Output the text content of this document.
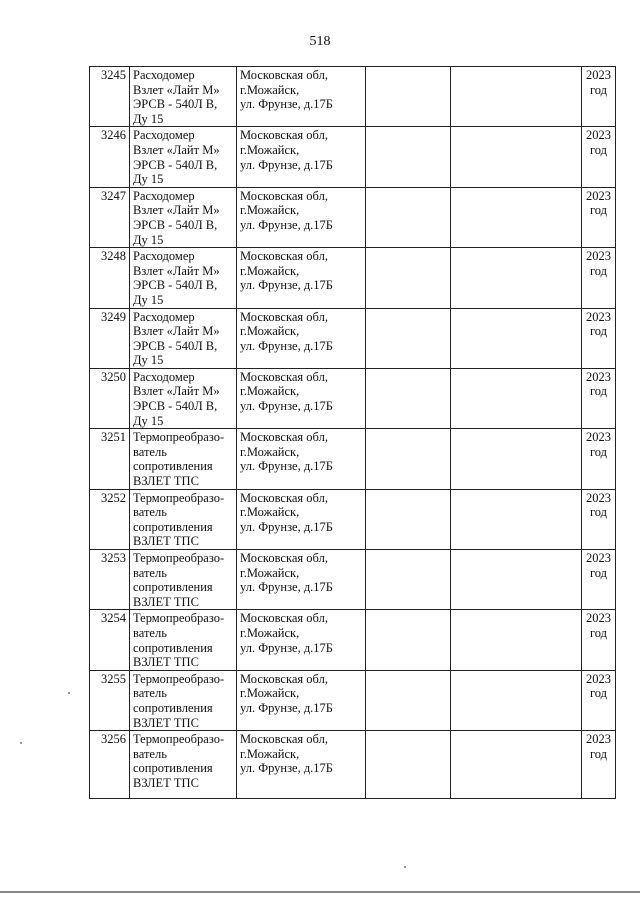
518
3245	Расходомер
Взлет «Лайт М»
ЭРСВ - 540Л В,
Ду 15	Московская обл,
г.Можайск,
ул. Фрунзе, д.17Б			2023
год

3246	Расходомер
Взлет «Лайт М»
ЭРСВ - 540Л В,
Ду 15	Московская обл,
г.Можайск,
ул. Фрунзе, д.17Б			2023
год

3247	Расходомер
Взлет «Лайт М»
ЭРСВ - 540Л В,
Ду 15	Московская обл,
г.Можайск,
ул. Фрунзе, д.17Б			2023
год

3248	Расходомер
Взлет «Лайт М»
ЭРСВ - 540Л В,
Ду 15	Московская обл,
г.Можайск,
ул. Фрунзе, д.17Б			2023
год

3249	Расходомер
Взлет «Лайт М»
ЭРСВ - 540Л В,
Ду 15	Московская обл,
г.Можайск,
ул. Фрунзе, д.17Б			2023
год

3250	Расходомер
Взлет «Лайт М»
ЭРСВ - 540Л В,
Ду 15	Московская обл,
г.Можайск,
ул. Фрунзе, д.17Б			2023
год

3251	Термопреобразо-
ватель
сопротивления
ВЗЛЕТ ТПС	Московская обл,
г.Можайск,
ул. Фрунзе, д.17Б			2023
год

3252	Термопреобразо-
ватель
сопротивления
ВЗЛЕТ ТПС	Московская обл,
г.Можайск,
ул. Фрунзе, д.17Б			2023
год

3253	Термопреобразо-
ватель
сопротивления
ВЗЛЕТ ТПС	Московская обл,
г.Можайск,
ул. Фрунзе, д.17Б			2023
год

3254	Термопреобразо-
ватель
сопротивления
ВЗЛЕТ ТПС	Московская обл,
г.Можайск,
ул. Фрунзе, д.17Б			2023
год

3255	Термопреобразо-
ватель
сопротивления
ВЗЛЕТ ТПС	Московская обл,
г.Можайск,
ул. Фрунзе, д.17Б			2023
год

3256	Термопреобразо-
ватель
сопротивления
ВЗЛЕТ ТПС	Московская обл,
г.Можайск,
ул. Фрунзе, д.17Б			2023
год
